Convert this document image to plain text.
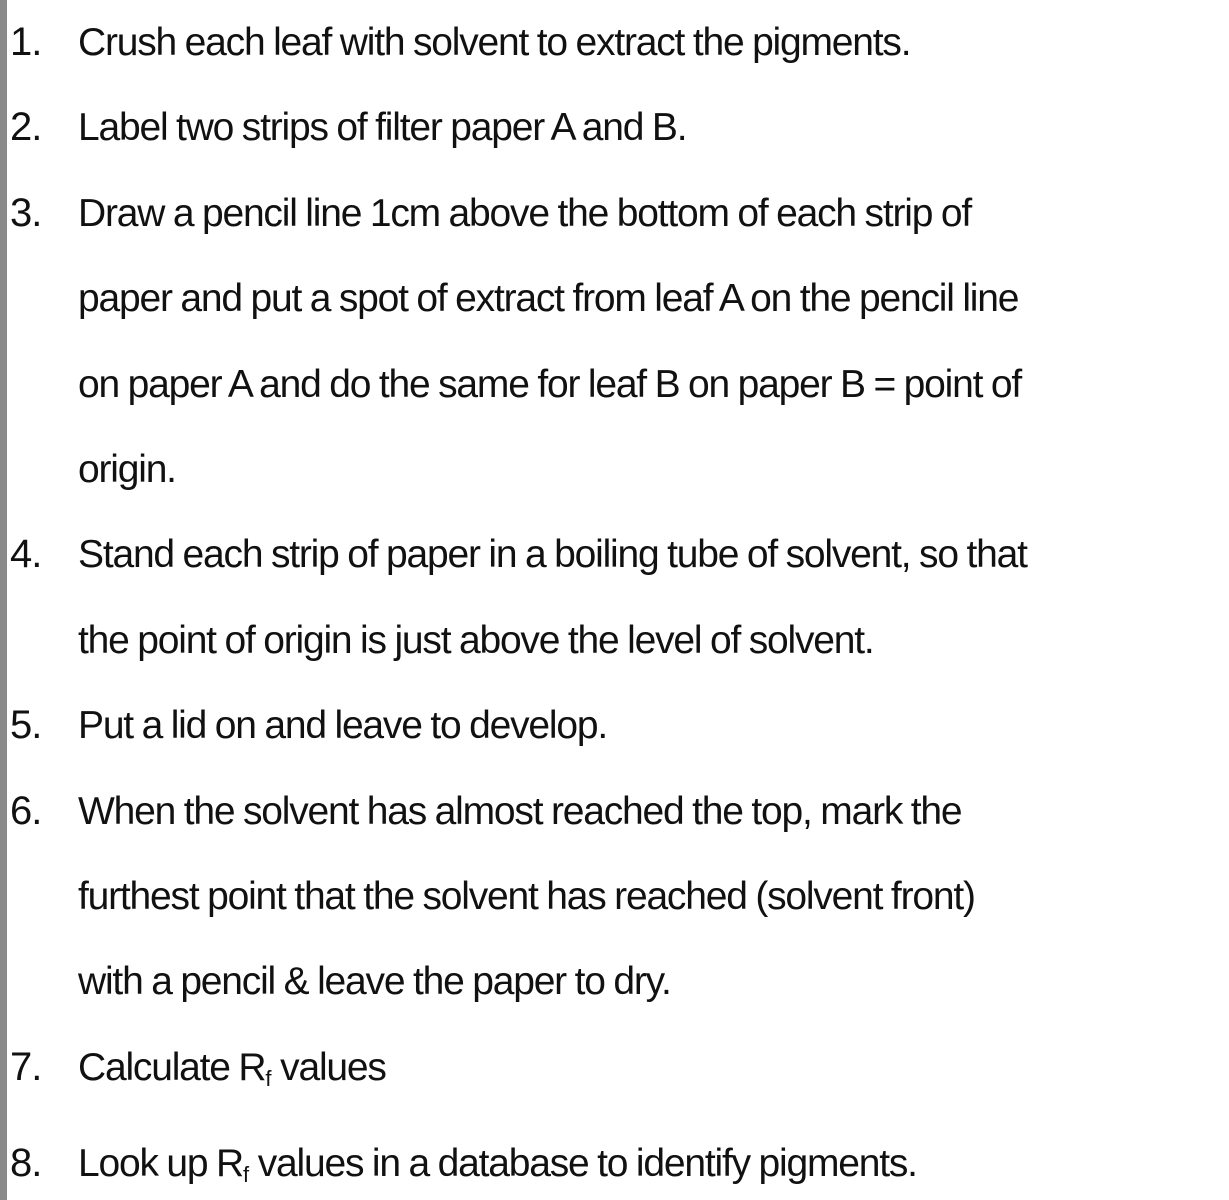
1. Crush each leaf with solvent to extract the pigments.
2. Label two strips of filter paper A and B.
3. Draw a pencil line 1cm above the bottom of each strip of
paper and put a spot of extract from leaf A on the pencil line
on paper A and do the same for leaf B on paper B = point of
origin.
4. Stand each strip of paper in a boiling tube of solvent, so that
the point of origin is just above the level of solvent.
5. Put a lid on and leave to develop.
6. When the solvent has almost reached the top, mark the
furthest point that the solvent has reached (solvent front)
with a pencil & leave the paper to dry.
7. Calculate $R_f$ values
8. Look up $R_f$ values in a database to identify pigments.
